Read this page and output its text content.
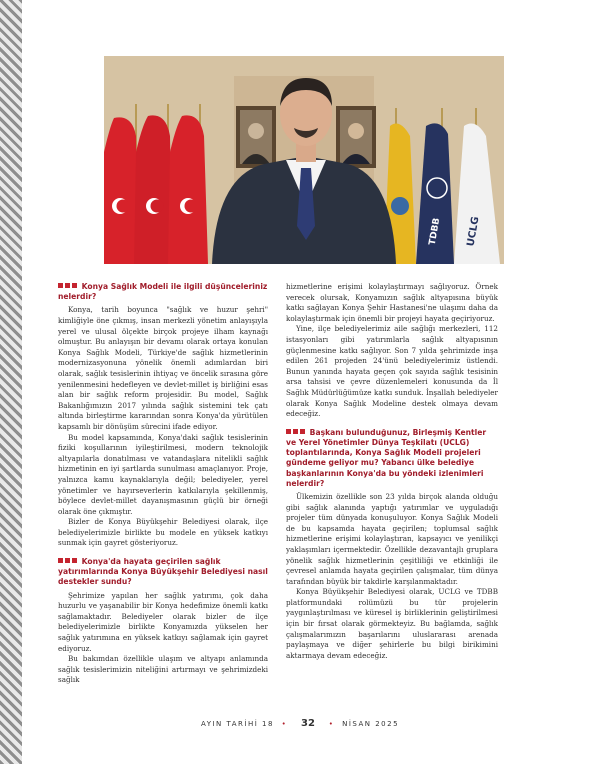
TDBB UCLG
Konya Sağlık Modeli ile ilgili düşünceleriniz nelerdir?
Konya, tarih boyunca "sağlık ve huzur şehri" kimliğiyle öne çıkmış, insan merkezli yönetim anlayışıyla yerel ve ulusal ölçekte birçok projeye ilham kaynağı olmuştur. Bu anlayışın bir devamı olarak ortaya konulan Konya Sağlık Modeli, Türkiye'de sağlık hizmetlerinin modernizasyonuna yönelik önemli adımlardan biri olarak, sağlık tesislerinin ihtiyaç ve öncelik sırasına göre yenilenmesini hedefleyen ve devlet-millet iş birliğini esas alan bir sağlık reform projesidir. Bu model, Sağlık Bakanlığımızın 2017 yılında sağlık sistemini tek çatı altında birleştirme kararından sonra Konya'da yürütülen kapsamlı bir dönüşüm sürecini ifade ediyor.
Bu model kapsamında, Konya'daki sağlık tesislerinin fiziki koşullarının iyileştirilmesi, modern teknolojik altyapılarla donatılması ve vatandaşlara nitelikli sağlık hizmetinin en iyi şartlarda sunulması amaçlanıyor. Proje, yalnızca kamu kaynaklarıyla değil; belediyeler, yerel yönetimler ve hayırseverlerin katkılarıyla şekillenmiş, böylece devlet-millet dayanışmasının güçlü bir örneği olarak öne çıkmıştır.
Bizler de Konya Büyükşehir Belediyesi olarak, ilçe belediyelerimizle birlikte bu modele en yüksek katkıyı sunmak için gayret gösteriyoruz.
Konya'da hayata geçirilen sağlık yatırımlarında Konya Büyükşehir Belediyesi nasıl destekler sundu?
Şehrimize yapılan her sağlık yatırımı, çok daha huzurlu ve yaşanabilir bir Konya hedefimize önemli katkı sağlamaktadır. Belediyeler olarak bizler de ilçe belediyelerimizle birlikte Konyamızda yükselen her sağlık yatırımına en yüksek katkıyı sağlamak için gayret ediyoruz.
Bu bakımdan özellikle ulaşım ve altyapı anlamında sağlık tesislerimizin niteliğini artırmayı ve şehrimizdeki sağlık
hizmetlerine erişimi kolaylaştırmayı sağlıyoruz. Örnek verecek olursak, Konyamızın sağlık altyapısına büyük katkı sağlayan Konya Şehir Hastanesi'ne ulaşımı daha da kolaylaştırmak için önemli bir projeyi hayata geçiriyoruz.
Yine, ilçe belediyelerimiz aile sağlığı merkezleri, 112 istasyonları gibi yatırımlarla sağlık altyapısının güçlenmesine katkı sağlıyor. Son 7 yılda şehrimizde inşa edilen 261 projeden 24'ünü belediyelerimiz üstlendi. Bunun yanında hayata geçen çok sayıda sağlık tesisinin arsa tahsisi ve çevre düzenlemeleri konusunda da İl Sağlık Müdürlüğümüze katkı sunduk. İnşallah belediyeler olarak Konya Sağlık Modeline destek olmaya devam edeceğiz.
Başkanı bulunduğunuz, Birleşmiş Kentler ve Yerel Yönetimler Dünya Teşkilatı (UCLG) toplantılarında, Konya Sağlık Modeli projeleri gündeme geliyor mu? Yabancı ülke belediye başkanlarının Konya'da bu yöndeki izlenimleri nelerdir?
Ülkemizin özellikle son 23 yılda birçok alanda olduğu gibi sağlık alanında yaptığı yatırımlar ve uyguladığı projeler tüm dünyada konuşuluyor. Konya Sağlık Modeli de bu kapsamda hayata geçirilen; toplumsal sağlık hizmetlerine erişimi kolaylaştıran, kapsayıcı ve yenilikçi yaklaşımları içermektedir. Özellikle dezavantajlı gruplara yönelik sağlık hizmetlerinin çeşitliliği ve etkinliği ile çevresel anlamda hayata geçirilen çalışmalar, tüm dünya tarafından büyük bir takdirle karşılanmaktadır.
Konya Büyükşehir Belediyesi olarak, UCLG ve TDBB platformundaki rolümüzü bu tür projelerin yaygınlaştırılması ve küresel iş birliklerinin geliştirilmesi için bir fırsat olarak görmekteyiz. Bu bağlamda, sağlık çalışmalarımızın başarılarını uluslararası arenada paylaşmaya ve diğer şehirlerle bu bilgi birikimini aktarmaya devam edeceğiz.
AYIN TARİHİ 18 • 32 • NİSAN 2025
